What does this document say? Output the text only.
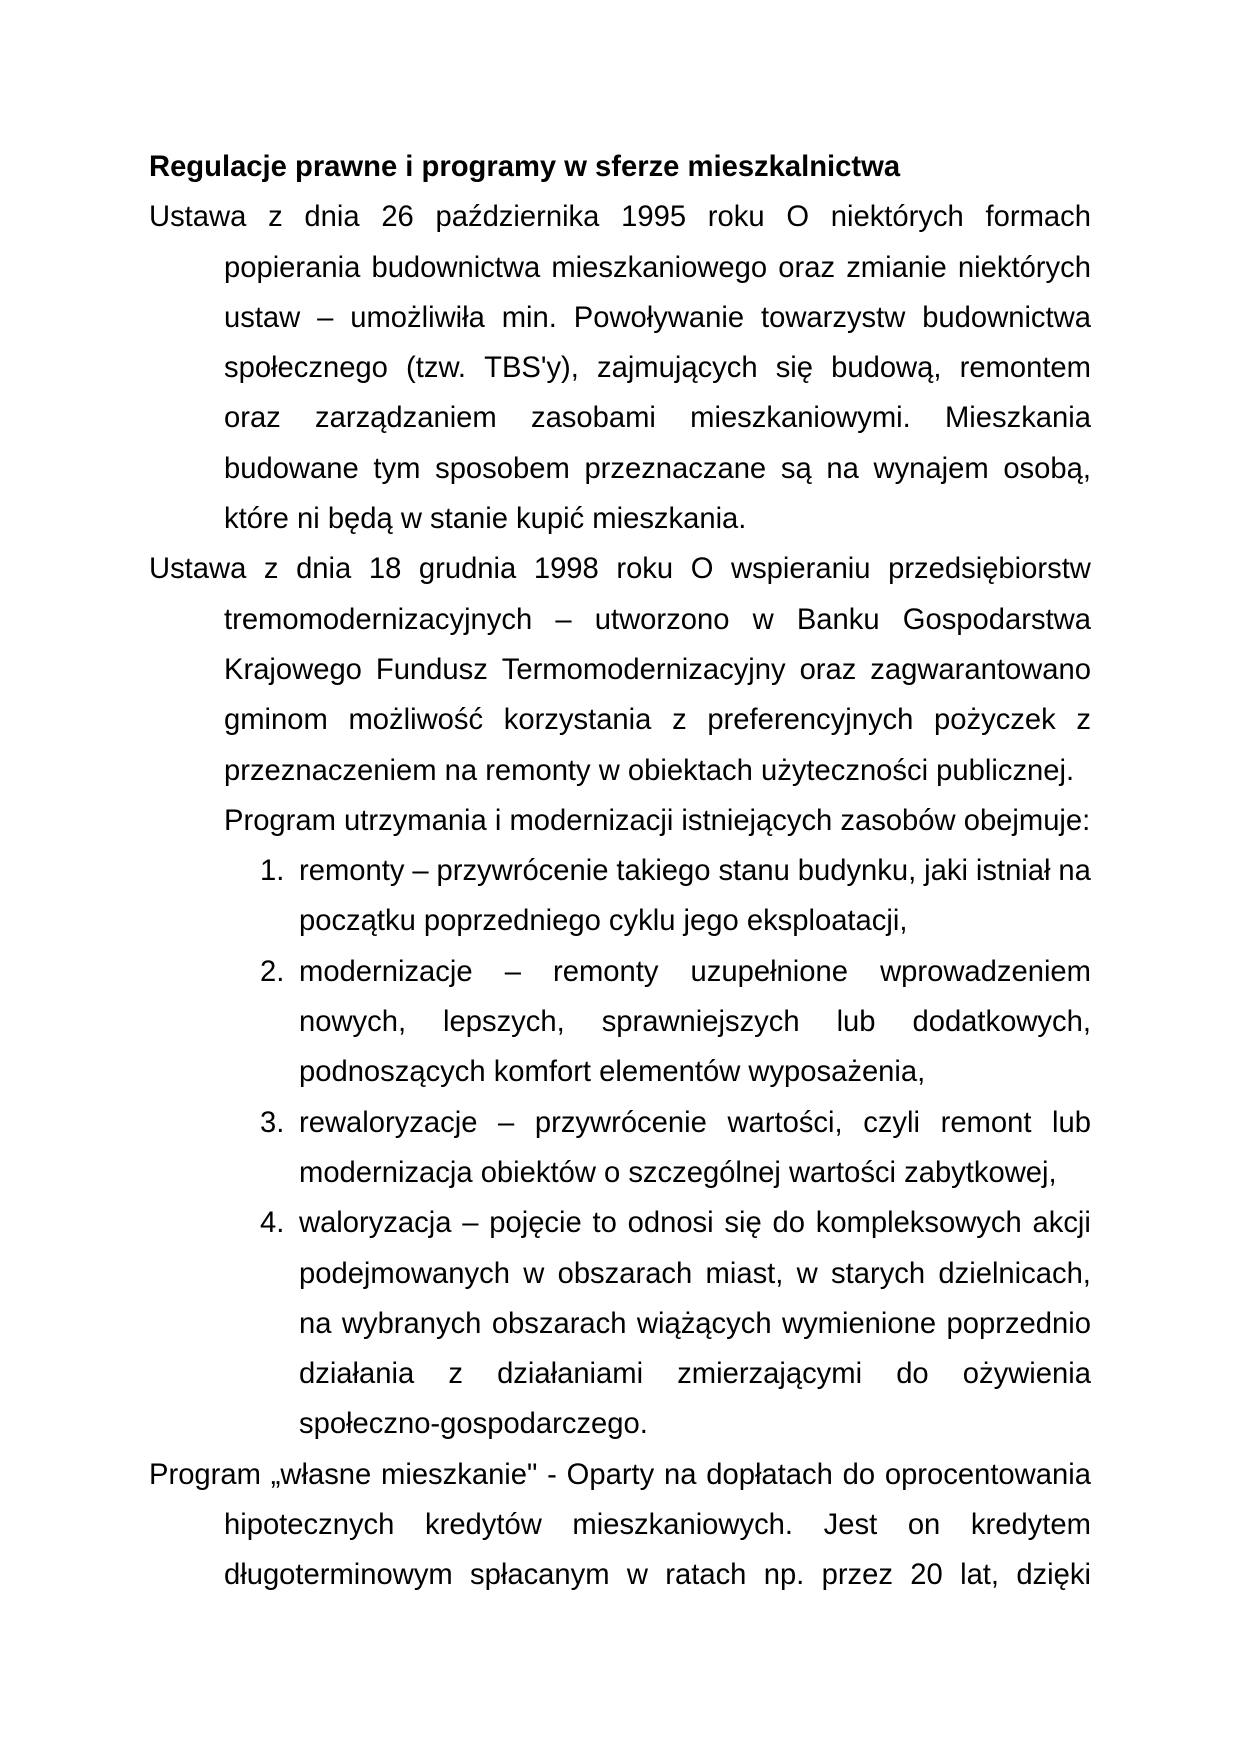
Regulacje prawne i programy w sferze mieszkalnictwa
Ustawa z dnia 26 października 1995 roku O niektórych formach
popierania budownictwa mieszkaniowego oraz zmianie niektórych
ustaw – umożliwiła min. Powoływanie towarzystw budownictwa
społecznego (tzw. TBS'y), zajmujących się budową, remontem
oraz zarządzaniem zasobami mieszkaniowymi. Mieszkania
budowane tym sposobem przeznaczane są na wynajem osobą,
które ni będą w stanie kupić mieszkania.
Ustawa z dnia 18 grudnia 1998 roku O wspieraniu przedsiębiorstw
tremomodernizacyjnych – utworzono w Banku Gospodarstwa
Krajowego Fundusz Termomodernizacyjny oraz zagwarantowano
gminom możliwość korzystania z preferencyjnych pożyczek z
przeznaczeniem na remonty w obiektach użyteczności publicznej.
Program utrzymania i modernizacji istniejących zasobów obejmuje:
1. remonty – przywrócenie takiego stanu budynku, jaki istniał na
początku poprzedniego cyklu jego eksploatacji,
2. modernizacje – remonty uzupełnione wprowadzeniem
nowych, lepszych, sprawniejszych lub dodatkowych,
podnoszących komfort elementów wyposażenia,
3. rewaloryzacje – przywrócenie wartości, czyli remont lub
modernizacja obiektów o szczególnej wartości zabytkowej,
4. waloryzacja – pojęcie to odnosi się do kompleksowych akcji
podejmowanych w obszarach miast, w starych dzielnicach,
na wybranych obszarach wiążących wymienione poprzednio
działania z działaniami zmierzającymi do ożywienia
społeczno-gospodarczego.
Program „własne mieszkanie" - Oparty na dopłatach do oprocentowania
hipotecznych kredytów mieszkaniowych. Jest on kredytem
długoterminowym spłacanym w ratach np. przez 20 lat, dzięki
